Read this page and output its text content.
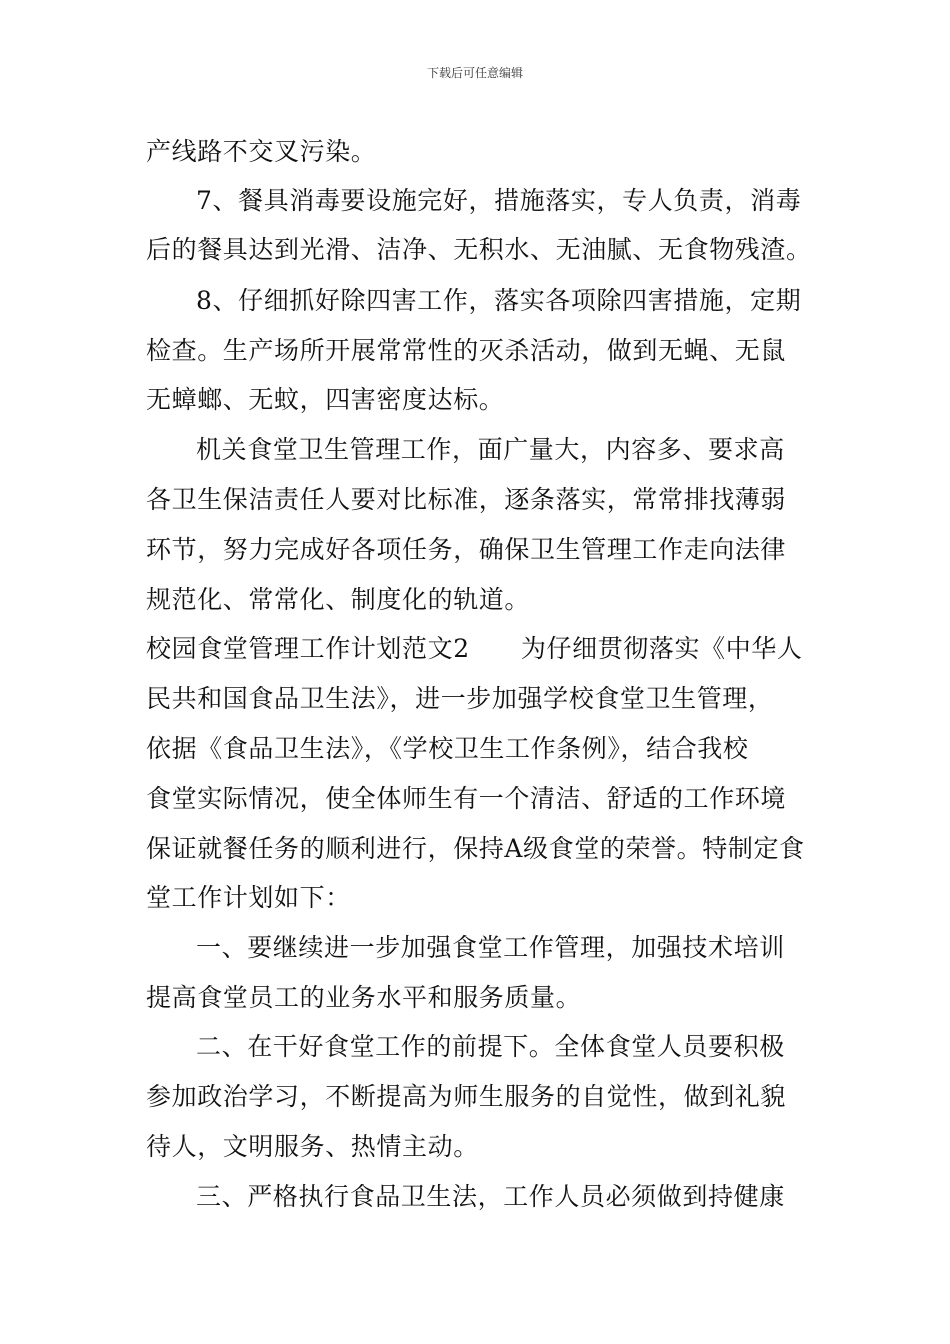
下载后可任意编辑
产线路不交叉污染。
7、餐具消毒要设施完好，措施落实，专人负责，消毒
后的餐具达到光滑、洁净、无积水、无油腻、无食物残渣。
8、仔细抓好除四害工作，落实各项除四害措施，定期
检查。生产场所开展常常性的灭杀活动，做到无蝇、无鼠
无蟑螂、无蚊，四害密度达标。
机关食堂卫生管理工作，面广量大，内容多、要求高
各卫生保洁责任人要对比标准，逐条落实，常常排找薄弱
环节，努力完成好各项任务，确保卫生管理工作走向法律
规范化、常常化、制度化的轨道。
校园食堂管理工作计划范文2　　为仔细贯彻落实《中华人
民共和国食品卫生法》，进一步加强学校食堂卫生管理，
依据《食品卫生法》，《学校卫生工作条例》，结合我校
食堂实际情况，使全体师生有一个清洁、舒适的工作环境
保证就餐任务的顺利进行，保持A级食堂的荣誉。特制定食
堂工作计划如下：
一、要继续进一步加强食堂工作管理，加强技术培训
提高食堂员工的业务水平和服务质量。
二、在干好食堂工作的前提下。全体食堂人员要积极
参加政治学习，不断提高为师生服务的自觉性，做到礼貌
待人，文明服务、热情主动。
三、严格执行食品卫生法，工作人员必须做到持健康
